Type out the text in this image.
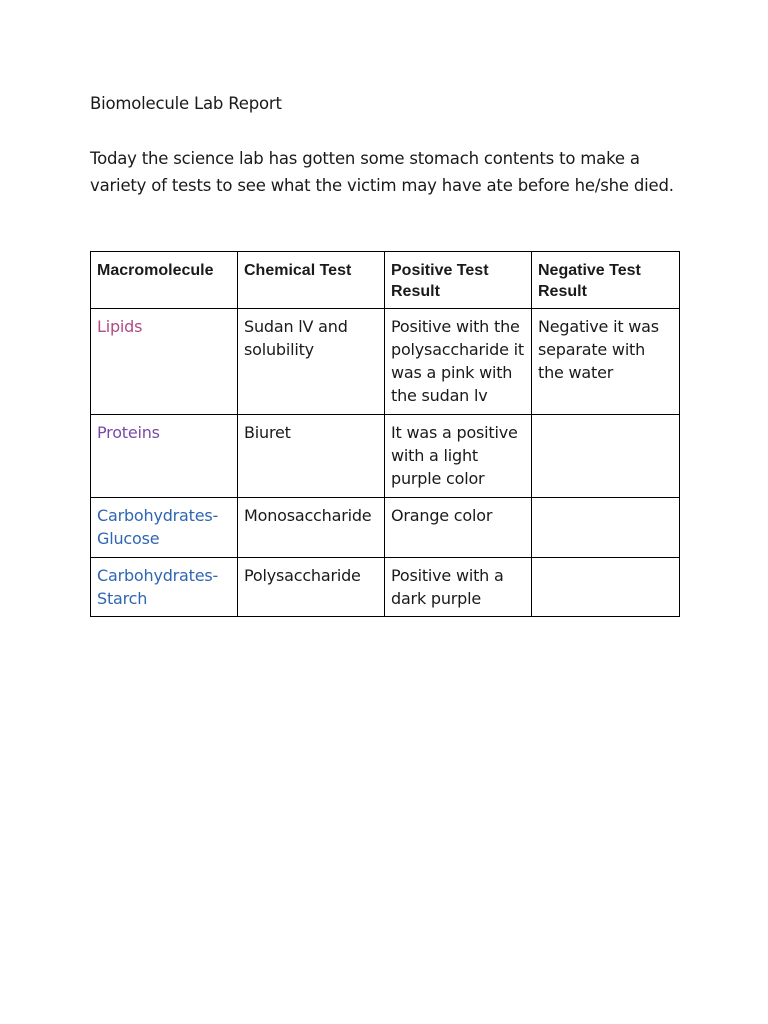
Biomolecule Lab Report
Today the science lab has gotten some stomach contents to make a variety of tests to see what the victim may have ate before he/she died.
Macromolecule	Chemical Test	Positive Test Result	Negative Test Result
Lipids	Sudan lV and solubility	Positive with the polysaccharide it was a pink with the sudan lv	Negative it was separate with the water
Proteins	Biuret	It was a positive with a light purple color	
Carbohydrates-Glucose	Monosaccharide	Orange color	
Carbohydrates-Starch	Polysaccharide	Positive with a dark purple	
